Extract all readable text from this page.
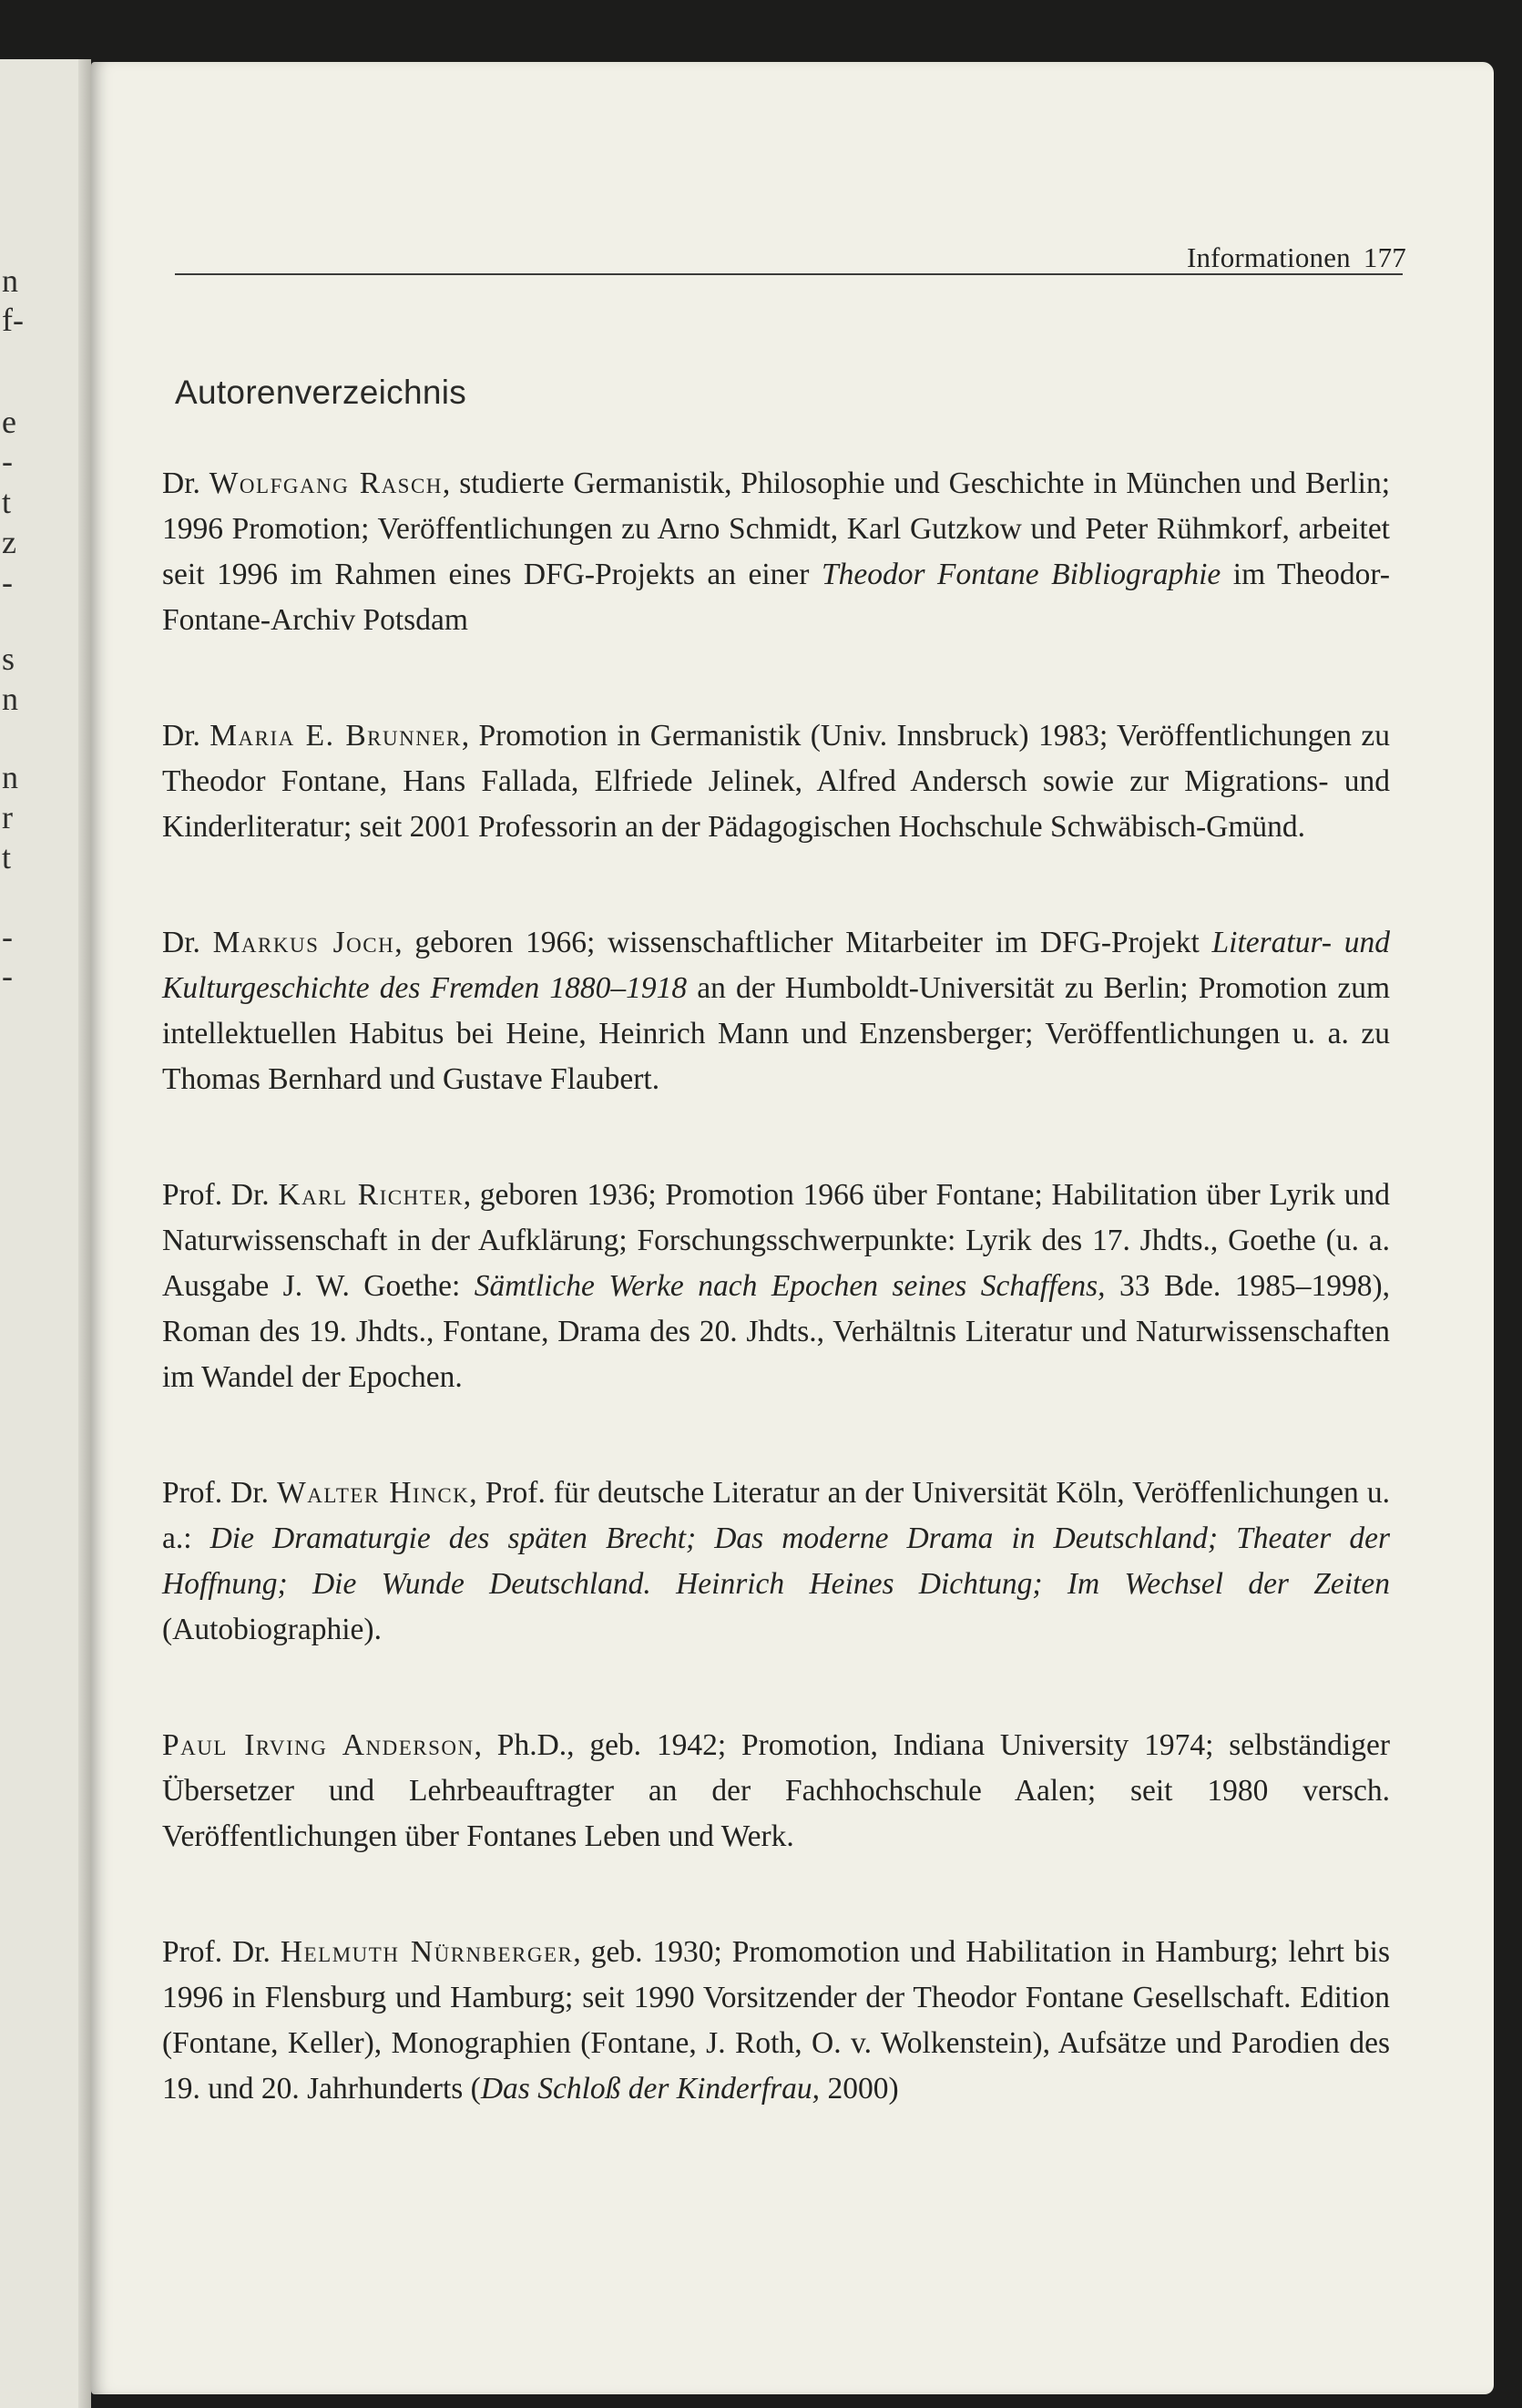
n
f-
e
-
t
z
-
s
n
n
r
t
-
-
Informationen 177
Autorenverzeichnis

Dr. Wolfgang Rasch, studierte Germanistik, Philosophie und Geschichte in München und Berlin; 1996 Promotion; Veröffentlichungen zu Arno Schmidt, Karl Gutzkow und Peter Rühmkorf, arbeitet seit 1996 im Rahmen eines DFG-Projekts an einer Theodor Fontane Bibliographie im Theodor-Fontane-Archiv Potsdam

Dr. Maria E. Brunner, Promotion in Germanistik (Univ. Innsbruck) 1983; Veröffentlichungen zu Theodor Fontane, Hans Fallada, Elfriede Jelinek, Alfred Andersch sowie zur Migrations- und Kinderliteratur; seit 2001 Professorin an der Pädagogischen Hochschule Schwäbisch-Gmünd.

Dr. Markus Joch, geboren 1966; wissenschaftlicher Mitarbeiter im DFG-Projekt Literatur- und Kulturgeschichte des Fremden 1880–1918 an der Humboldt-Universität zu Berlin; Promotion zum intellektuellen Habitus bei Heine, Heinrich Mann und Enzensberger; Veröffentlichungen u. a. zu Thomas Bernhard und Gustave Flaubert.

Prof. Dr. Karl Richter, geboren 1936; Promotion 1966 über Fontane; Habilitation über Lyrik und Naturwissenschaft in der Aufklärung; Forschungsschwerpunkte: Lyrik des 17. Jhdts., Goethe (u. a. Ausgabe J. W. Goethe: Sämtliche Werke nach Epochen seines Schaffens, 33 Bde. 1985–1998), Roman des 19. Jhdts., Fontane, Drama des 20. Jhdts., Verhältnis Literatur und Naturwissenschaften im Wandel der Epochen.

Prof. Dr. Walter Hinck, Prof. für deutsche Literatur an der Universität Köln, Veröffenlichungen u. a.: Die Dramaturgie des späten Brecht; Das moderne Drama in Deutschland; Theater der Hoffnung; Die Wunde Deutschland. Heinrich Heines Dichtung; Im Wechsel der Zeiten (Autobiographie).

Paul Irving Anderson, Ph.D., geb. 1942; Promotion, Indiana University 1974; selbständiger Übersetzer und Lehrbeauftragter an der Fachhochschule Aalen; seit 1980 versch. Veröffentlichungen über Fontanes Leben und Werk.

Prof. Dr. Helmuth Nürnberger, geb. 1930; Promomotion und Habilitation in Hamburg; lehrt bis 1996 in Flensburg und Hamburg; seit 1990 Vorsitzender der Theodor Fontane Gesellschaft. Edition (Fontane, Keller), Monographien (Fontane, J. Roth, O. v. Wolkenstein), Aufsätze und Parodien des 19. und 20. Jahrhunderts (Das Schloß der Kinderfrau, 2000)
